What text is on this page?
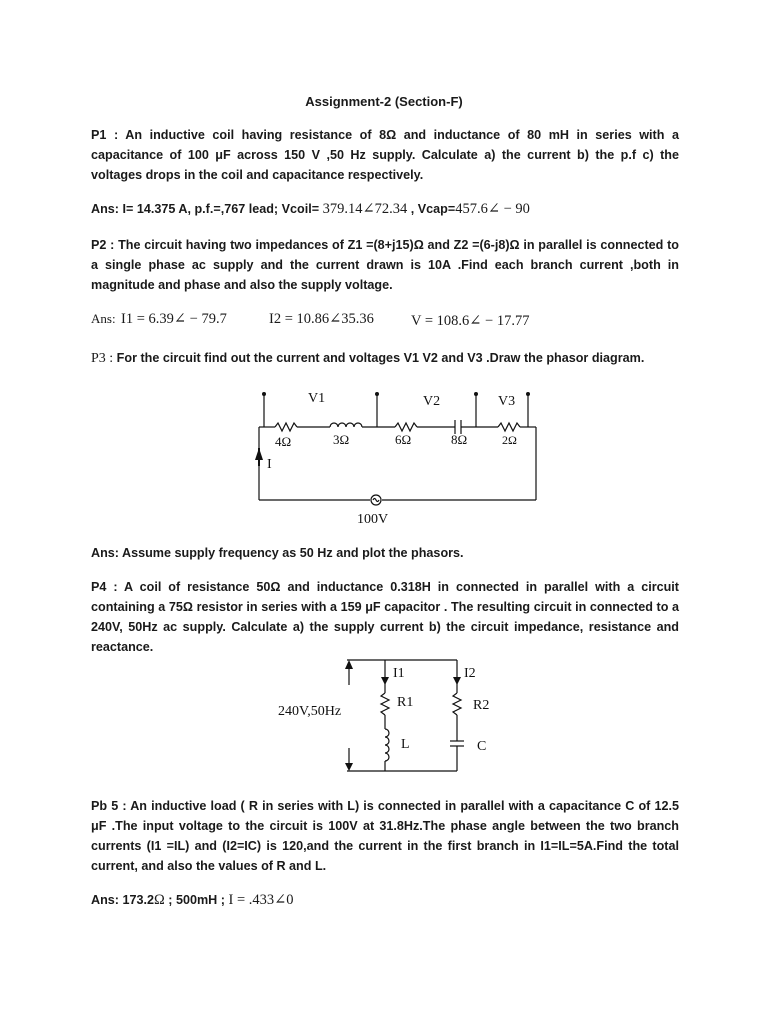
Assignment-2 (Section-F)
P1 : An inductive coil having resistance of 8Ω and inductance of 80 mH in series with a capacitance of 100 μF across 150 V ,50 Hz supply. Calculate a) the current b) the p.f c) the voltages drops in the coil and capacitance respectively.
Ans: I= 14.375 A, p.f.=,767 lead; Vcoil= 379.14∠72.34 , Vcap=457.6∠ − 90
P2 : The circuit having two impedances of Z1 =(8+j15)Ω and Z2 =(6-j8)Ω in parallel is connected to a single phase ac supply and the current drawn is 10A .Find each branch current ,both in magnitude and phase and also the supply voltage.
Ans: I1 = 6.39∠ − 79.7	I2 = 10.86∠35.36	V = 108.6∠ − 17.77
P3 : For the circuit find out the current and voltages V1 V2 and V3 .Draw the phasor diagram.
V1	V2	V3
4Ω	3Ω	6Ω	8Ω	2Ω
I
100V
Ans: Assume supply frequency as 50 Hz and plot the phasors.
P4 : A coil of resistance 50Ω and inductance 0.318H in connected in parallel with a circuit containing a 75Ω resistor in series with a 159 μF capacitor . The resulting circuit in connected to a 240V, 50Hz ac supply. Calculate a) the supply current b) the circuit impedance, resistance and reactance.
240V,50Hz
I1	I2
R1	R2
L	C
Pb 5 : An inductive load ( R in series with L) is connected in parallel with a capacitance C of 12.5 μF .The input voltage to the circuit is 100V at 31.8Hz.The phase angle between the two branch currents (I1 =IL) and (I2=IC) is 120,and the current in the first branch in I1=IL=5A.Find the total current, and also the values of R and L.
Ans: 173.2Ω ; 500mH ; I = .433∠0
